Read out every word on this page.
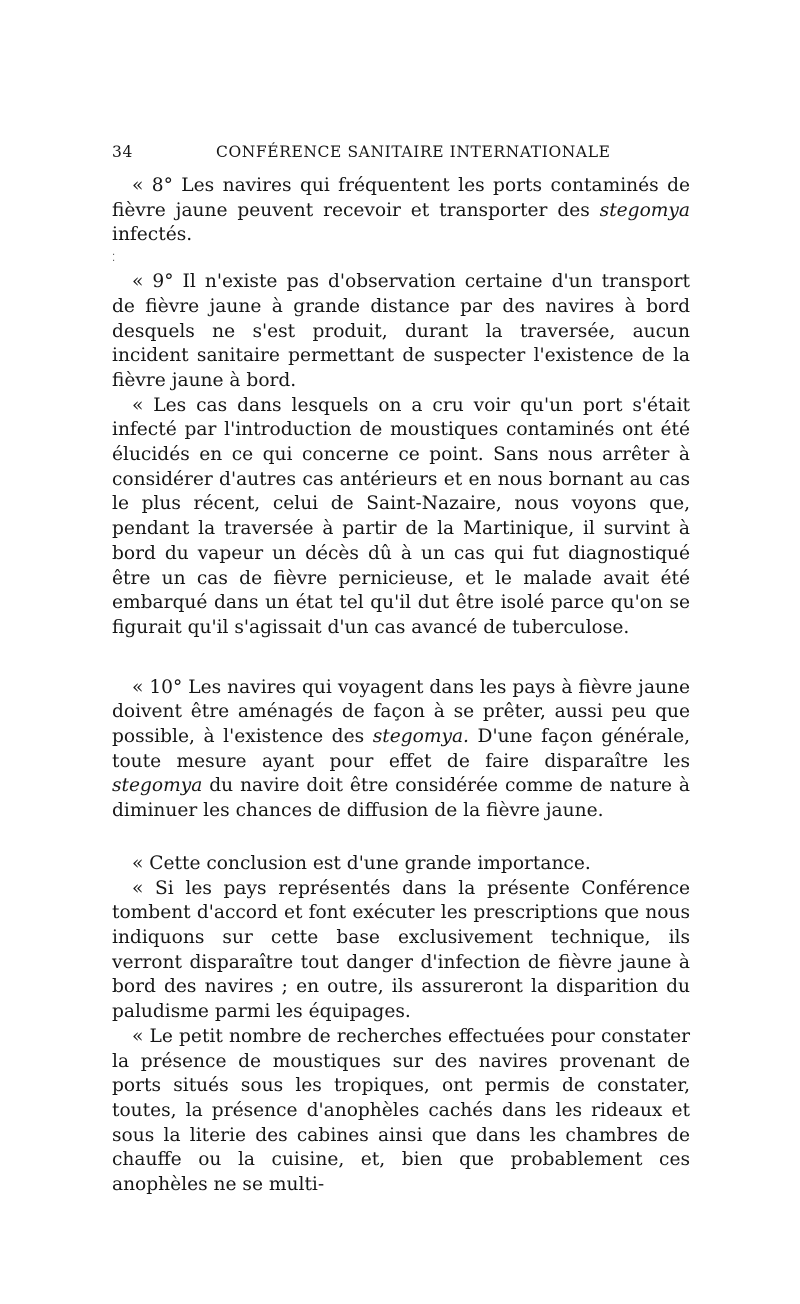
34	CONFÉRENCE SANITAIRE INTERNATIONALE

« 8° Les navires qui fréquentent les ports contaminés de fièvre jaune peuvent recevoir et transporter des stegomya infectés.

⁚

« 9° Il n'existe pas d'observation certaine d'un transport de fièvre jaune à grande distance par des navires à bord desquels ne s'est produit, durant la traversée, aucun incident sanitaire permettant de suspecter l'existence de la fièvre jaune à bord.

« Les cas dans lesquels on a cru voir qu'un port s'était infecté par l'introduction de moustiques contaminés ont été élucidés en ce qui concerne ce point. Sans nous arrêter à considérer d'autres cas antérieurs et en nous bornant au cas le plus récent, celui de Saint-Nazaire, nous voyons que, pendant la traversée à partir de la Martinique, il survint à bord du vapeur un décès dû à un cas qui fut diagnostiqué être un cas de fièvre pernicieuse, et le malade avait été embarqué dans un état tel qu'il dut être isolé parce qu'on se figurait qu'il s'agissait d'un cas avancé de tuberculose.

« 10° Les navires qui voyagent dans les pays à fièvre jaune doivent être aménagés de façon à se prêter, aussi peu que possible, à l'existence des stegomya. D'une façon générale, toute mesure ayant pour effet de faire disparaître les stegomya du navire doit être considérée comme de nature à diminuer les chances de diffusion de la fièvre jaune.

« Cette conclusion est d'une grande importance.

« Si les pays représentés dans la présente Conférence tombent d'accord et font exécuter les prescriptions que nous indiquons sur cette base exclusivement technique, ils verront disparaître tout danger d'infection de fièvre jaune à bord des navires ; en outre, ils assureront la disparition du paludisme parmi les équipages.

« Le petit nombre de recherches effectuées pour constater la présence de moustiques sur des navires provenant de ports situés sous les tropiques, ont permis de constater, toutes, la présence d'anophèles cachés dans les rideaux et sous la literie des cabines ainsi que dans les chambres de chauffe ou la cuisine, et, bien que probablement ces anophèles ne se multi-
